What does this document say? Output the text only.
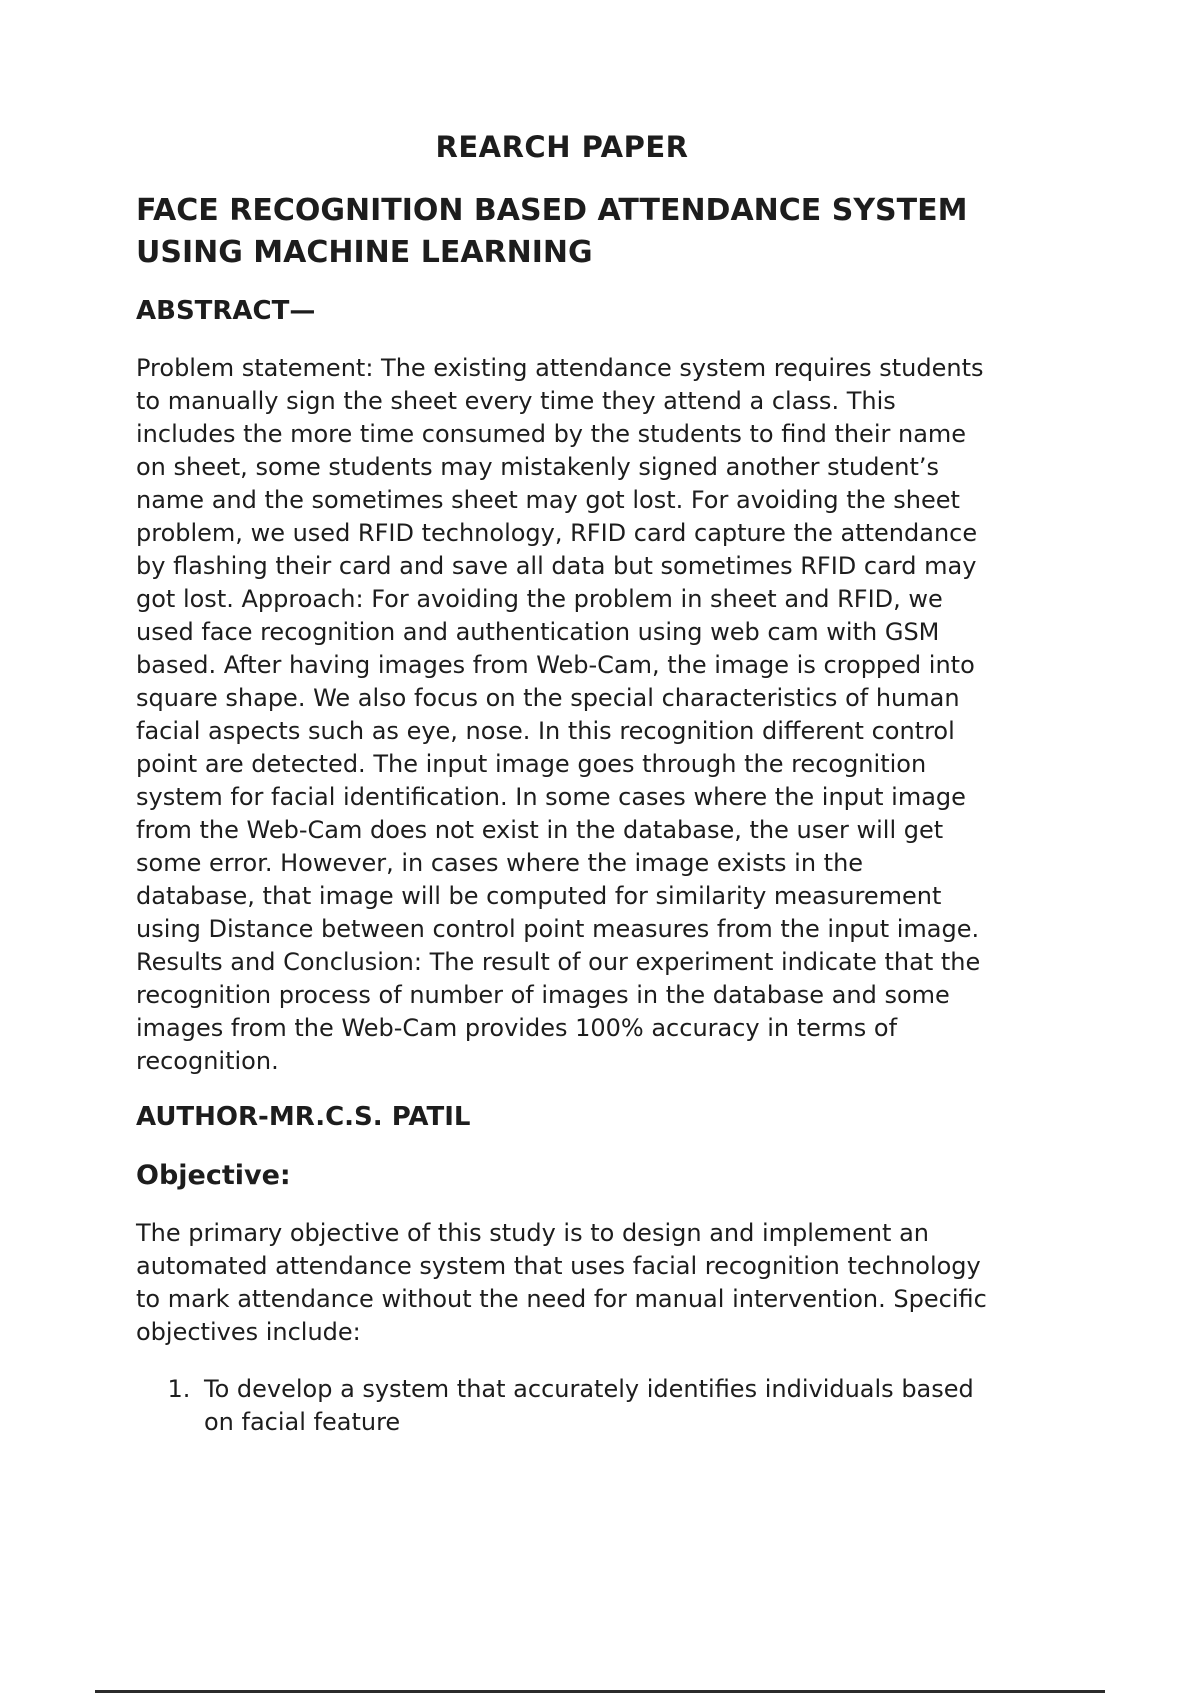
REARCH PAPER
FACE RECOGNITION BASED ATTENDANCE SYSTEM USING MACHINE LEARNING
ABSTRACT—

Problem statement: The existing attendance system requires students to manually sign the sheet every time they attend a class. This includes the more time consumed by the students to find their name on sheet, some students may mistakenly signed another student’s name and the sometimes sheet may got lost. For avoiding the sheet problem, we used RFID technology, RFID card capture the attendance by flashing their card and save all data but sometimes RFID card may got lost. Approach: For avoiding the problem in sheet and RFID, we used face recognition and authentication using web cam with GSM based. After having images from Web-Cam, the image is cropped into square shape. We also focus on the special characteristics of human facial aspects such as eye, nose. In this recognition different control point are detected. The input image goes through the recognition system for facial identification. In some cases where the input image from the Web-Cam does not exist in the database, the user will get some error. However, in cases where the image exists in the database, that image will be computed for similarity measurement using Distance between control point measures from the input image. Results and Conclusion: The result of our experiment indicate that the recognition process of number of images in the database and some images from the Web-Cam provides 100% accuracy in terms of recognition.

AUTHOR-MR.C.S. PATIL
Objective:

The primary objective of this study is to design and implement an automated attendance system that uses facial recognition technology to mark attendance without the need for manual intervention. Specific objectives include:

1. To develop a system that accurately identifies individuals based on facial feature
